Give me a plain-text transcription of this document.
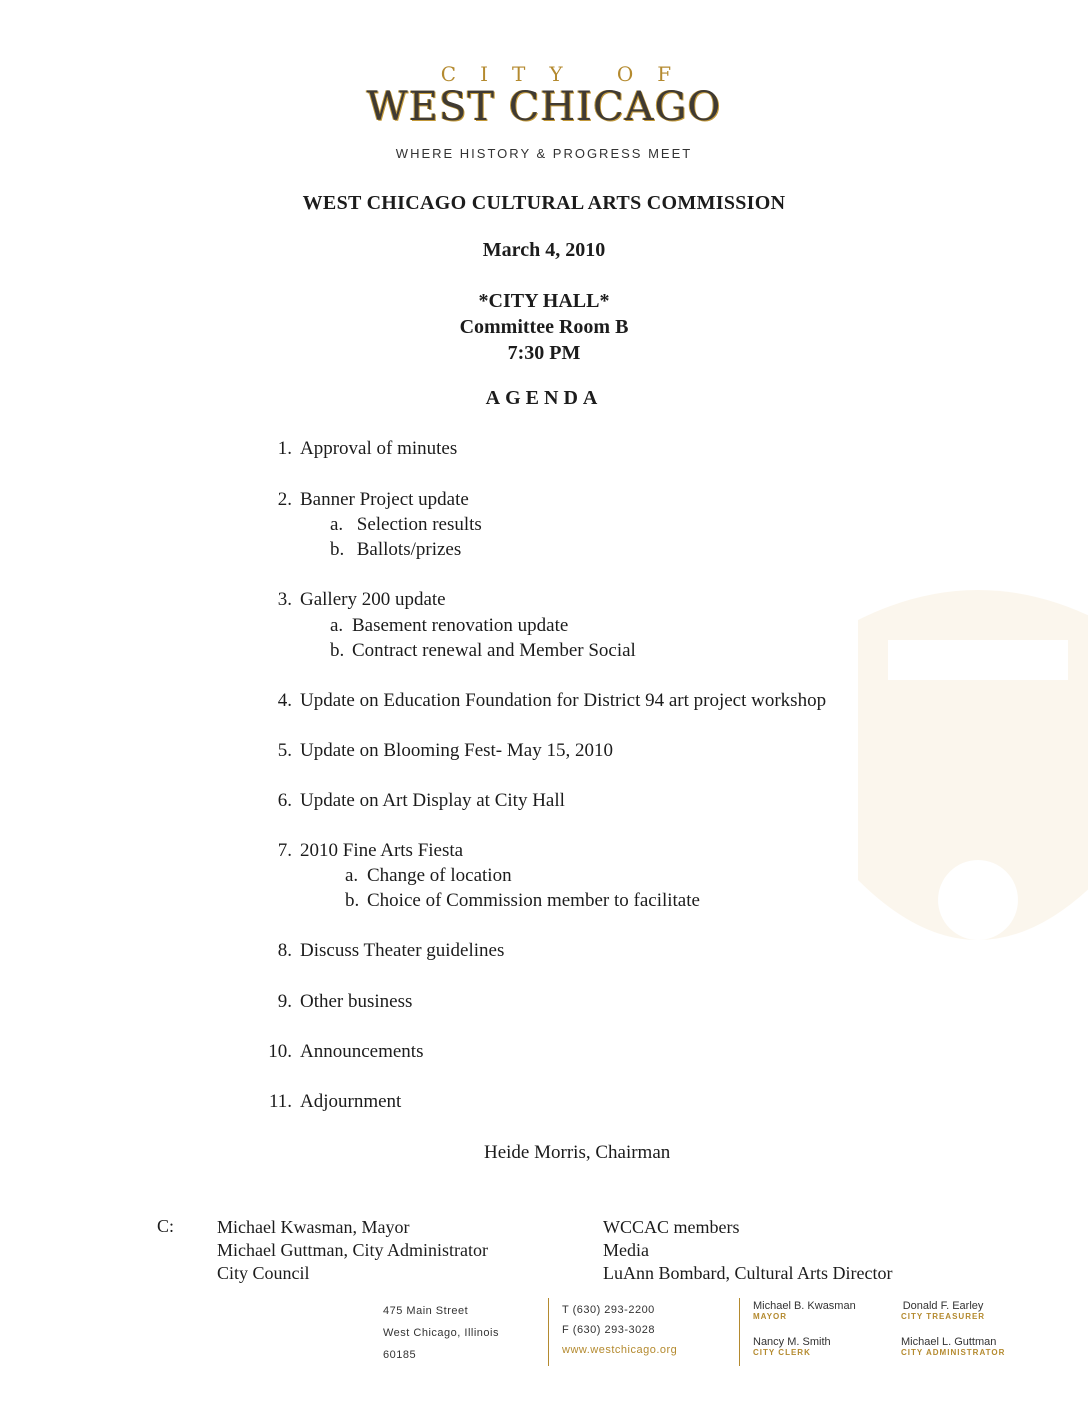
CITY OF
WEST CHICAGO
WHERE HISTORY & PROGRESS MEET
WEST CHICAGO CULTURAL ARTS COMMISSION
March 4, 2010
*CITY HALL*
Committee Room B
7:30 PM
AGENDA
1. Approval of minutes
2. Banner Project update
a. Selection results
b. Ballots/prizes
3. Gallery 200 update
a. Basement renovation update
b. Contract renewal and Member Social
4. Update on Education Foundation for District 94 art project workshop
5. Update on Blooming Fest- May 15, 2010
6. Update on Art Display at City Hall
7. 2010 Fine Arts Fiesta
a. Change of location
b. Choice of Commission member to facilitate
8. Discuss Theater guidelines
9. Other business
10. Announcements
11. Adjournment
Heide Morris, Chairman
C: Michael Kwasman, Mayor
Michael Guttman, City Administrator
City Council
WCCAC members
Media
LuAnn Bombard, Cultural Arts Director
475 Main Street
West Chicago, Illinois
60185
T (630) 293-2200
F (630) 293-3028
www.westchicago.org
Michael B. Kwasman
MAYOR
Nancy M. Smith
CITY CLERK
Donald F. Earley
CITY TREASURER
Michael L. Guttman
CITY ADMINISTRATOR
